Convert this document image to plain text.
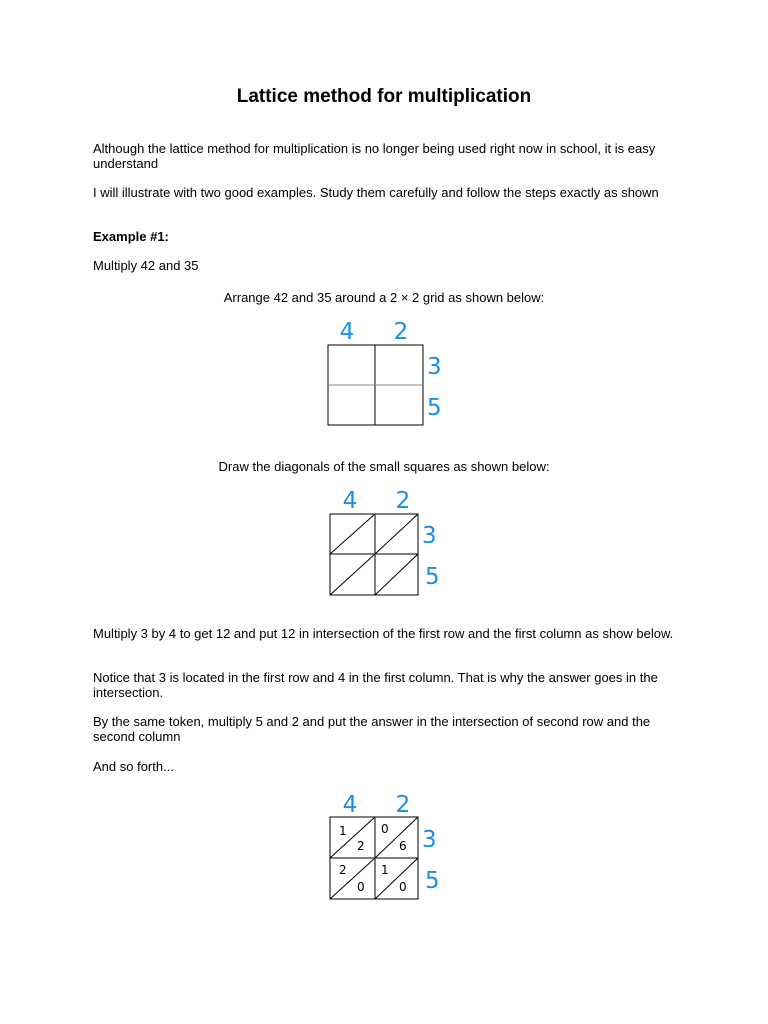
Lattice method for multiplication

Although the lattice method for multiplication is no longer being used right now in school, it is easy understand

I will illustrate with two good examples. Study them carefully and follow the steps exactly as shown

Example #1:

Multiply 42 and 35

Arrange 42 and 35 around a 2 × 2 grid as shown below:

4 2
3
5

Draw the diagonals of the small squares as shown below:

4 2
3
5

Multiply 3 by 4 to get 12 and put 12 in intersection of the first row and the first column as show below.

Notice that 3 is located in the first row and 4 in the first column. That is why the answer goes in the intersection.

By the same token, multiply 5 and 2 and put the answer in the intersection of second row and the second column

And so forth...

4 2
1
2
0
6
2
0
1
0
3
5
